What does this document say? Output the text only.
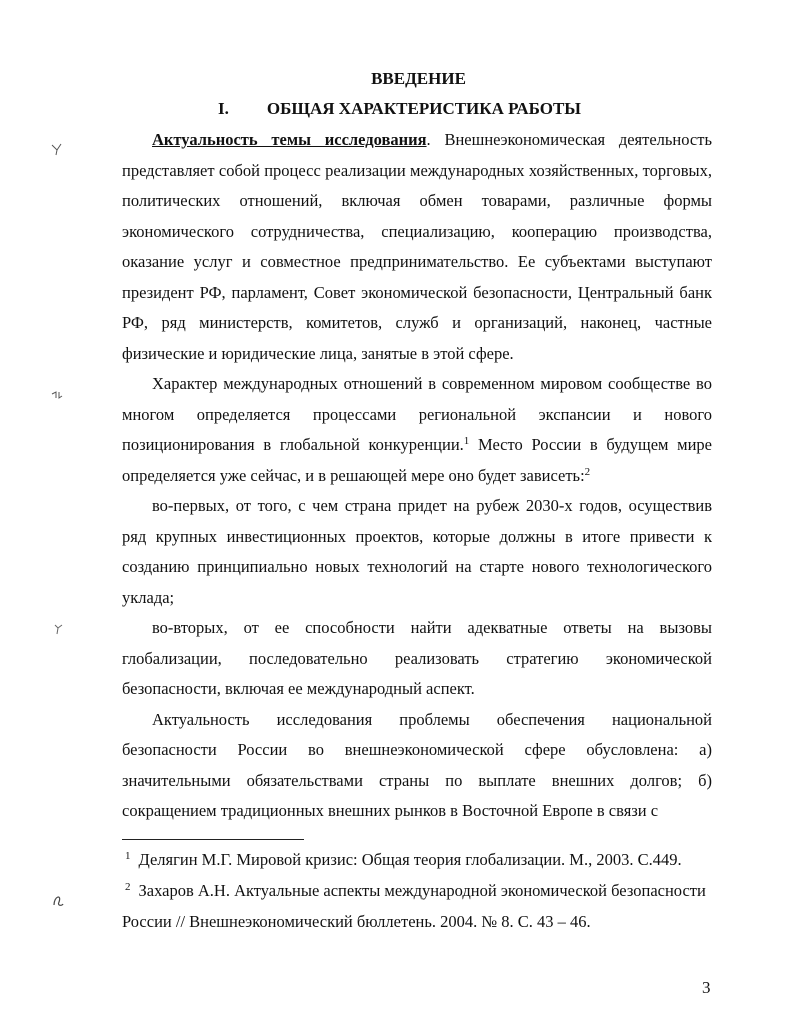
ВВЕДЕНИЕ
I. ОБЩАЯ ХАРАКТЕРИСТИКА РАБОТЫ

Актуальность темы исследования. Внешнеэкономическая деятельность представляет собой процесс реализации международных хозяйственных, торговых, политических отношений, включая обмен товарами, различные формы экономического сотрудничества, специализацию, кооперацию производства, оказание услуг и совместное предпринимательство. Ее субъектами выступают президент РФ, парламент, Совет экономической безопасности, Центральный банк РФ, ряд министерств, комитетов, служб и организаций, наконец, частные физические и юридические лица, занятые в этой сфере.

Характер международных отношений в современном мировом сообществе во многом определяется процессами региональной экспансии и нового позиционирования в глобальной конкуренции.$^1$ Место России в будущем мире определяется уже сейчас, и в решающей мере оно будет зависеть:$^2$

во-первых, от того, с чем страна придет на рубеж 2030-х годов, осуществив ряд крупных инвестиционных проектов, которые должны в итоге привести к созданию принципиально новых технологий на старте нового технологического уклада;

во-вторых, от ее способности найти адекватные ответы на вызовы глобализации, последовательно реализовать стратегию экономической безопасности, включая ее международный аспект.

Актуальность исследования проблемы обеспечения национальной безопасности России во внешнеэкономической сфере обусловлена: а) значительными обязательствами страны по выплате внешних долгов; б) сокращением традиционных внешних рынков в Восточной Европе в связи с

$^1$ Делягин М.Г. Мировой кризис: Общая теория глобализации. М., 2003. С.449.
$^2$ Захаров А.Н. Актуальные аспекты международной экономической безопасности России // Внешнеэкономический бюллетень. 2004. № 8. С. 43 – 46.
3
